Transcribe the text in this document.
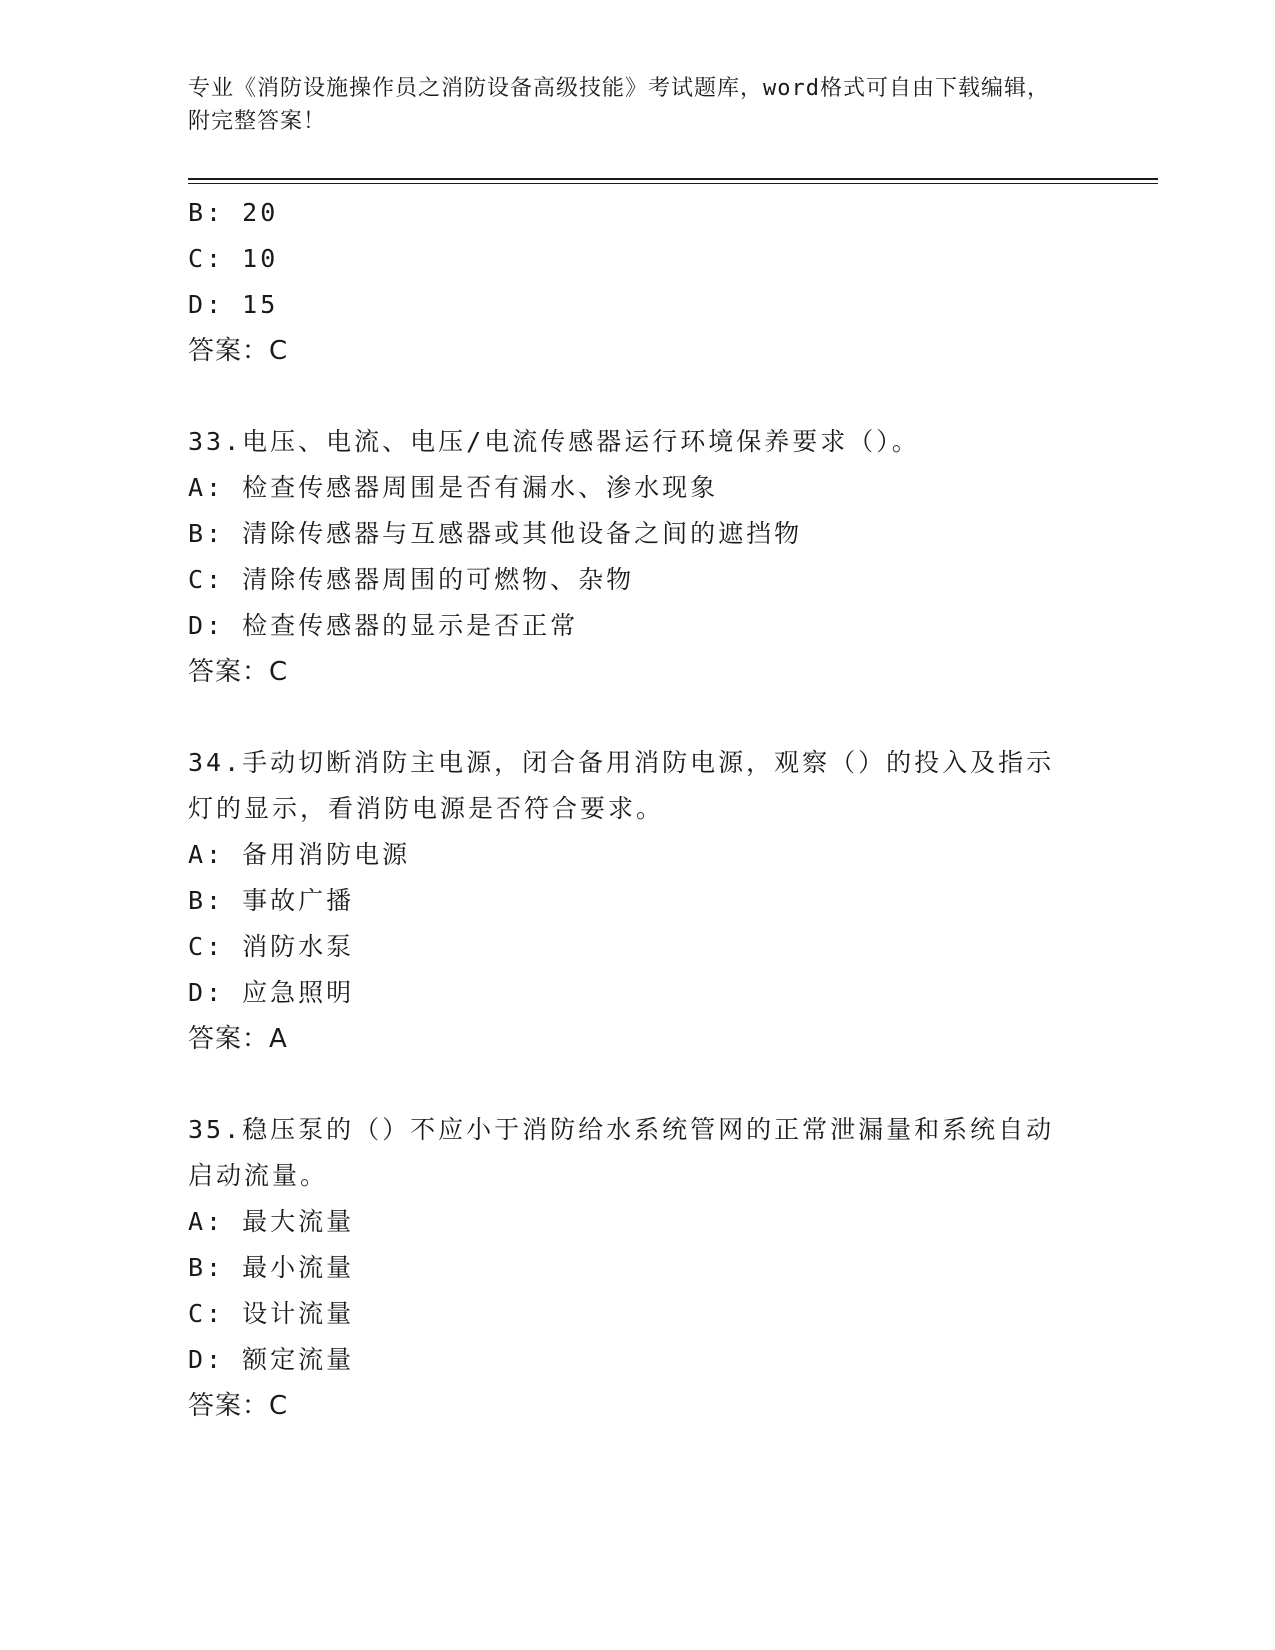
专业《消防设施操作员之消防设备高级技能》考试题库，word格式可自由下载编辑，附完整答案！
B: 20
C: 10
D: 15
答案：C
33.电压、电流、电压/电流传感器运行环境保养要求（）。
A: 检查传感器周围是否有漏水、渗水现象
B: 清除传感器与互感器或其他设备之间的遮挡物
C: 清除传感器周围的可燃物、杂物
D: 检查传感器的显示是否正常
答案：C
34.手动切断消防主电源，闭合备用消防电源，观察（）的投入及指示
灯的显示，看消防电源是否符合要求。
A: 备用消防电源
B: 事故广播
C: 消防水泵
D: 应急照明
答案：A
35.稳压泵的（）不应小于消防给水系统管网的正常泄漏量和系统自动
启动流量。
A: 最大流量
B: 最小流量
C: 设计流量
D: 额定流量
答案：C
